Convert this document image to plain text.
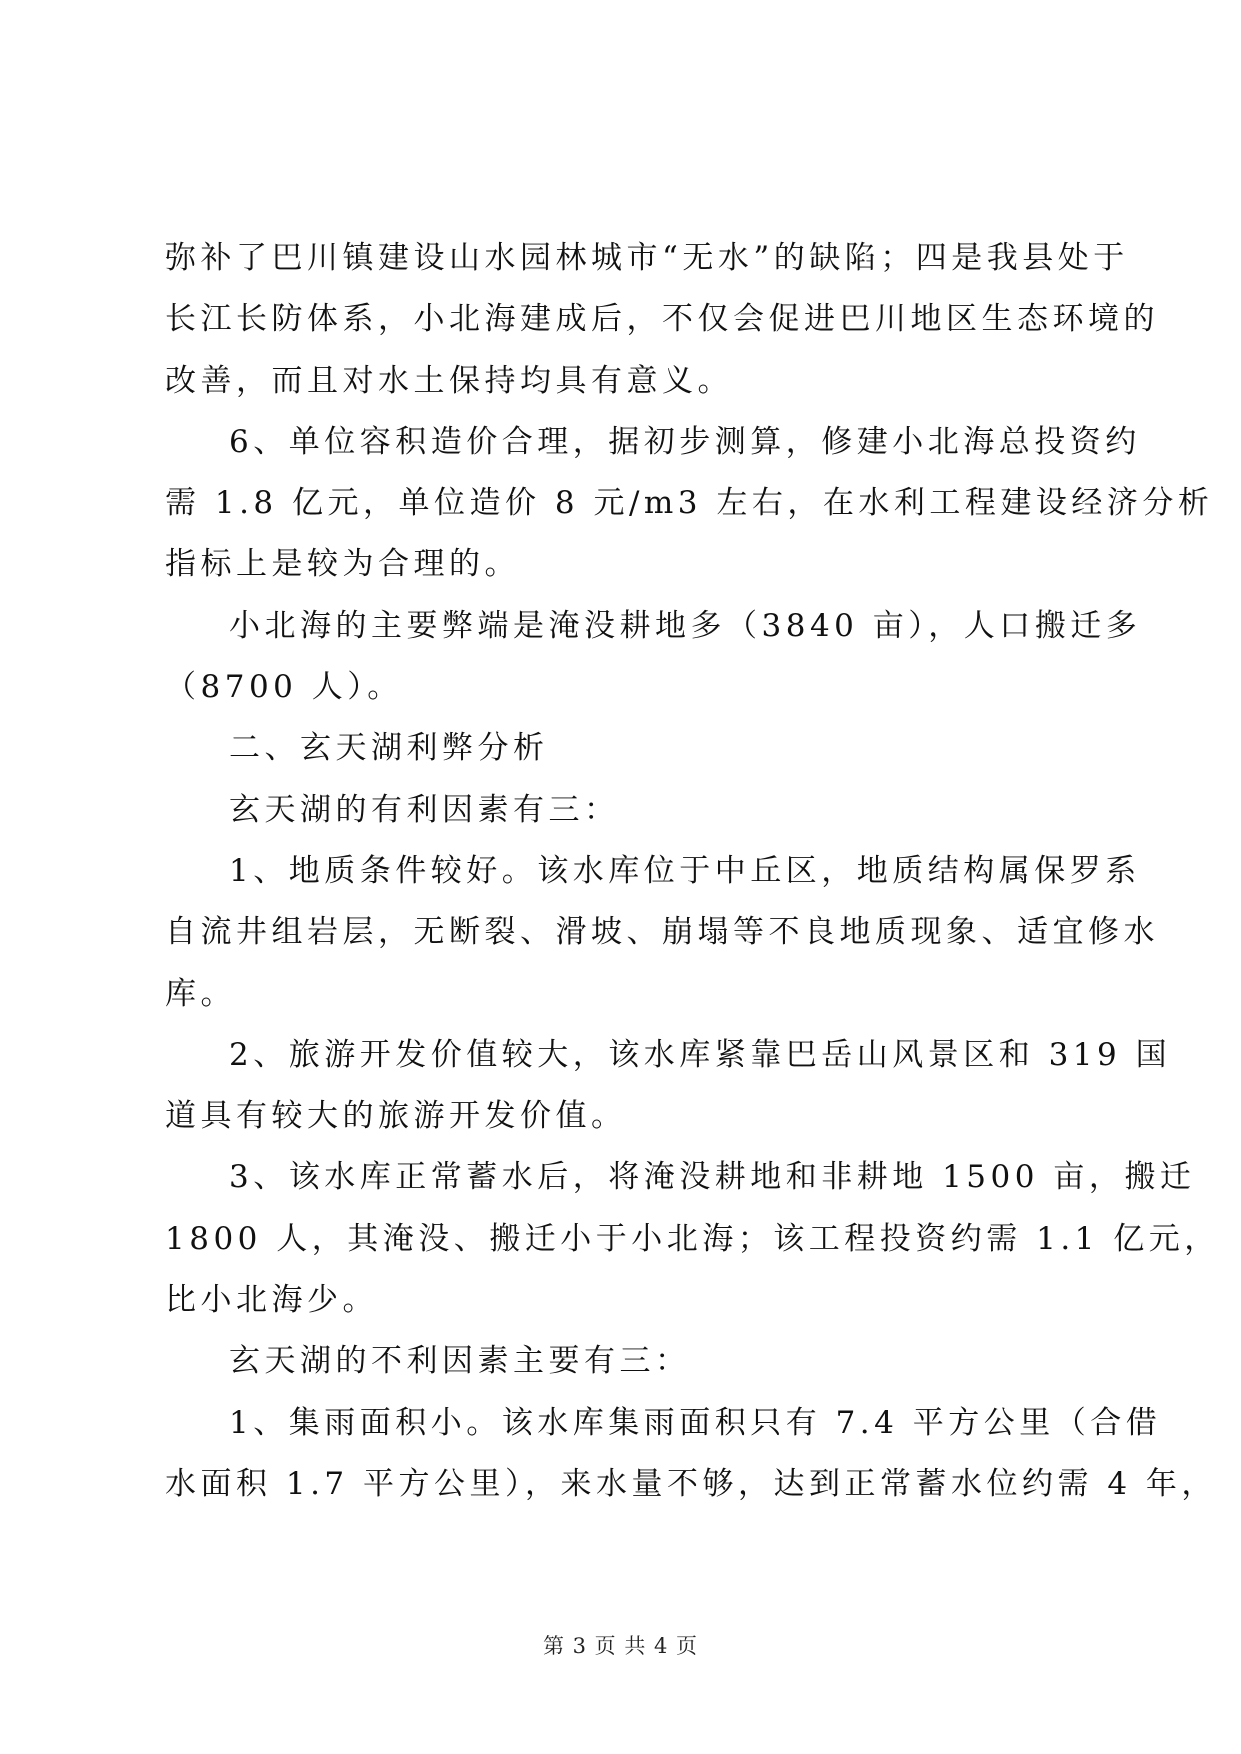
弥补了巴川镇建设山水园林城市“无水”的缺陷；四是我县处于
长江长防体系，小北海建成后，不仅会促进巴川地区生态环境的
改善，而且对水土保持均具有意义。
6、单位容积造价合理，据初步测算，修建小北海总投资约
需 1.8 亿元，单位造价 8 元/m3 左右，在水利工程建设经济分析
指标上是较为合理的。
小北海的主要弊端是淹没耕地多（3840 亩），人口搬迁多
（8700 人）。
二、玄天湖利弊分析
玄天湖的有利因素有三：
1、地质条件较好。该水库位于中丘区，地质结构属保罗系
自流井组岩层，无断裂、滑坡、崩塌等不良地质现象、适宜修水
库。
2、旅游开发价值较大，该水库紧靠巴岳山风景区和 319 国
道具有较大的旅游开发价值。
3、该水库正常蓄水后，将淹没耕地和非耕地 1500 亩，搬迁
1800 人，其淹没、搬迁小于小北海；该工程投资约需 1.1 亿元，
比小北海少。
玄天湖的不利因素主要有三：
1、集雨面积小。该水库集雨面积只有 7.4 平方公里（合借
水面积 1.7 平方公里），来水量不够，达到正常蓄水位约需 4 年，
第 3 页 共 4 页
